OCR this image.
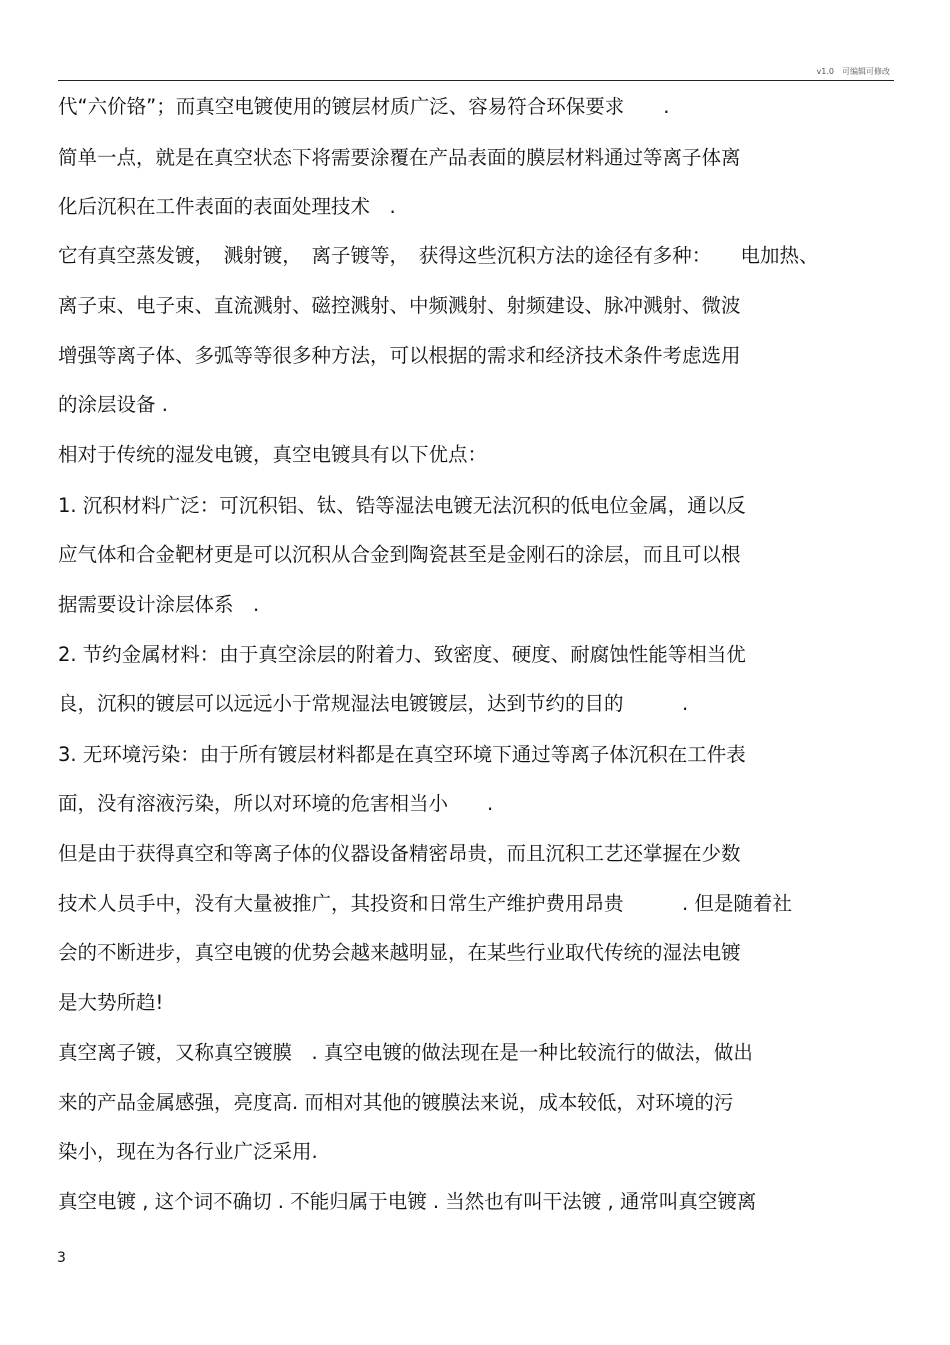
v1.0　可编辑可修改
代“六价铬”；而真空电镀使用的镀层材质广泛、容易符合环保要求　　.
简单一点，就是在真空状态下将需要涂覆在产品表面的膜层材料通过等离子体离
化后沉积在工件表面的表面处理技术　.
它有真空蒸发镀，　溅射镀，　离子镀等，　获得这些沉积方法的途径有多种：　　电加热、
离子束、电子束、直流溅射、磁控溅射、中频溅射、射频建设、脉冲溅射、微波
增强等离子体、多弧等等很多种方法，可以根据的需求和经济技术条件考虑选用
的涂层设备 .
相对于传统的湿发电镀，真空电镀具有以下优点：
1. 沉积材料广泛：可沉积铝、钛、锆等湿法电镀无法沉积的低电位金属，通以反
应气体和合金靶材更是可以沉积从合金到陶瓷甚至是金刚石的涂层，而且可以根
据需要设计涂层体系　.
2. 节约金属材料：由于真空涂层的附着力、致密度、硬度、耐腐蚀性能等相当优
良，沉积的镀层可以远远小于常规湿法电镀镀层，达到节约的目的　　　.
3. 无环境污染：由于所有镀层材料都是在真空环境下通过等离子体沉积在工件表
面，没有溶液污染，所以对环境的危害相当小　　.
但是由于获得真空和等离子体的仪器设备精密昂贵，而且沉积工艺还掌握在少数
技术人员手中，没有大量被推广，其投资和日常生产维护费用昂贵　　　. 但是随着社
会的不断进步，真空电镀的优势会越来越明显，在某些行业取代传统的湿法电镀
是大势所趋!
真空离子镀，又称真空镀膜　. 真空电镀的做法现在是一种比较流行的做法，做出
来的产品金属感强，亮度高. 而相对其他的镀膜法来说，成本较低，对环境的污
染小，现在为各行业广泛采用.
真空电镀 , 这个词不确切 . 不能归属于电镀 . 当然也有叫干法镀 , 通常叫真空镀离
3
